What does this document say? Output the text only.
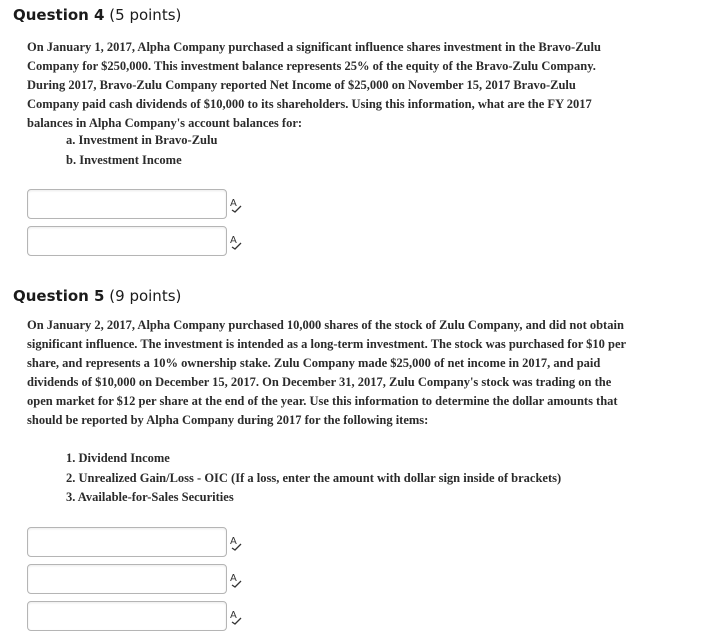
Question 4 (5 points)

On January 1, 2017, Alpha Company purchased a significant influence shares investment in the Bravo-Zulu Company for $250,000. This investment balance represents 25% of the equity of the Bravo-Zulu Company. During 2017, Bravo-Zulu Company reported Net Income of $25,000 on November 15, 2017 Bravo-Zulu Company paid cash dividends of $10,000 to its shareholders. Using this information, what are the FY 2017 balances in Alpha Company's account balances for:

a. Investment in Bravo-Zulu
b. Investment Income
A
A
Question 5 (9 points)

On January 2, 2017, Alpha Company purchased 10,000 shares of the stock of Zulu Company, and did not obtain significant influence. The investment is intended as a long-term investment. The stock was purchased for $10 per share, and represents a 10% ownership stake. Zulu Company made $25,000 of net income in 2017, and paid dividends of $10,000 on December 15, 2017. On December 31, 2017, Zulu Company's stock was trading on the open market for $12 per share at the end of the year. Use this information to determine the dollar amounts that should be reported by Alpha Company during 2017 for the following items:

1. Dividend Income
2. Unrealized Gain/Loss - OIC (If a loss, enter the amount with dollar sign inside of brackets)
3. Available-for-Sales Securities
A
A
A
